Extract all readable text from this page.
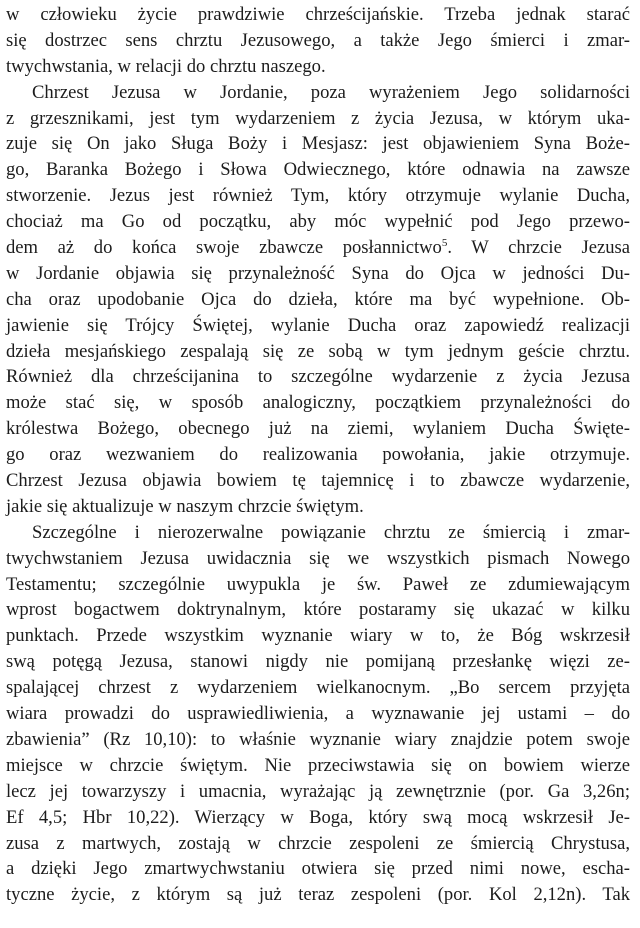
w człowieku życie prawdziwie chrześcijańskie. Trzeba jednak starać
się dostrzec sens chrztu Jezusowego, a także Jego śmierci i zmar-
twychwstania, w relacji do chrztu naszego.
Chrzest Jezusa w Jordanie, poza wyrażeniem Jego solidarności
z grzesznikami, jest tym wydarzeniem z życia Jezusa, w którym uka-
zuje się On jako Sługa Boży i Mesjasz: jest objawieniem Syna Boże-
go, Baranka Bożego i Słowa Odwiecznego, które odnawia na zawsze
stworzenie. Jezus jest również Tym, który otrzymuje wylanie Ducha,
chociaż ma Go od początku, aby móc wypełnić pod Jego przewo-
dem aż do końca swoje zbawcze posłannictwo$^5$. W chrzcie Jezusa
w Jordanie objawia się przynależność Syna do Ojca w jedności Du-
cha oraz upodobanie Ojca do dzieła, które ma być wypełnione. Ob-
jawienie się Trójcy Świętej, wylanie Ducha oraz zapowiedź realizacji
dzieła mesjańskiego zespalają się ze sobą w tym jednym geście chrztu.
Również dla chrześcijanina to szczególne wydarzenie z życia Jezusa
może stać się, w sposób analogiczny, początkiem przynależności do
królestwa Bożego, obecnego już na ziemi, wylaniem Ducha Święte-
go oraz wezwaniem do realizowania powołania, jakie otrzymuje.
Chrzest Jezusa objawia bowiem tę tajemnicę i to zbawcze wydarzenie,
jakie się aktualizuje w naszym chrzcie świętym.
Szczególne i nierozerwalne powiązanie chrztu ze śmiercią i zmar-
twychwstaniem Jezusa uwidacznia się we wszystkich pismach Nowego
Testamentu; szczególnie uwypukla je św. Paweł ze zdumiewającym
wprost bogactwem doktrynalnym, które postaramy się ukazać w kilku
punktach. Przede wszystkim wyznanie wiary w to, że Bóg wskrzesił
swą potęgą Jezusa, stanowi nigdy nie pomijaną przesłankę więzi ze-
spalającej chrzest z wydarzeniem wielkanocnym. „Bo sercem przyjęta
wiara prowadzi do usprawiedliwienia, a wyznawanie jej ustami – do
zbawienia” (Rz 10,10): to właśnie wyznanie wiary znajdzie potem swoje
miejsce w chrzcie świętym. Nie przeciwstawia się on bowiem wierze
lecz jej towarzyszy i umacnia, wyrażając ją zewnętrznie (por. Ga 3,26n;
Ef 4,5; Hbr 10,22). Wierzący w Boga, który swą mocą wskrzesił Je-
zusa z martwych, zostają w chrzcie zespoleni ze śmiercią Chrystusa,
a dzięki Jego zmartwychwstaniu otwiera się przed nimi nowe, escha-
tyczne życie, z którym są już teraz zespoleni (por. Kol 2,12n). Tak
